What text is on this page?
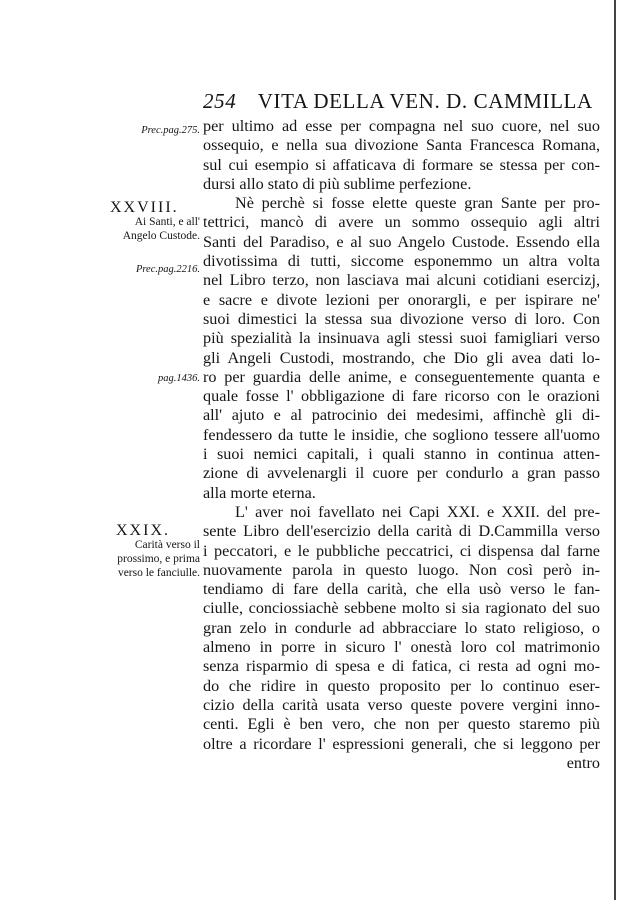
254 VITA DELLA VEN. D. CAMMILLA
Prec.pag.275.
XXVIII.
Ai Santi, e all'
Angelo Custode.
Prec.pag.2216.
pag.1436.
XXIX.
Carità verso il
prossimo, e prima
verso le fanciulle.
per ultimo ad esse per compagna nel suo cuore, nel suo
ossequio, e nella sua divozione Santa Francesca Romana,
sul cui esempio si affaticava di formare se stessa per con-
dursi allo stato di più sublime perfezione.
Nè perchè si fosse elette queste gran Sante per pro-
tettrici, mancò di avere un sommo ossequio agli altri
Santi del Paradiso, e al suo Angelo Custode. Essendo ella
divotissima di tutti, siccome esponemmo un altra volta
nel Libro terzo, non lasciava mai alcuni cotidiani esercizj,
e sacre e divote lezioni per onorargli, e per ispirare ne'
suoi dimestici la stessa sua divozione verso di loro. Con
più spezialità la insinuava agli stessi suoi famigliari verso
gli Angeli Custodi, mostrando, che Dio gli avea dati lo-
ro per guardia delle anime, e conseguentemente quanta e
quale fosse l' obbligazione di fare ricorso con le orazioni
all' ajuto e al patrocinio dei medesimi, affinchè gli di-
fendessero da tutte le insidie, che sogliono tessere all'uomo
i suoi nemici capitali, i quali stanno in continua atten-
zione di avvelenargli il cuore per condurlo a gran passo
alla morte eterna.
L' aver noi favellato nei Capi XXI. e XXII. del pre-
sente Libro dell'esercizio della carità di D.Cammilla verso
i peccatori, e le pubbliche peccatrici, ci dispensa dal farne
nuovamente parola in questo luogo. Non così però in-
tendiamo di fare della carità, che ella usò verso le fan-
ciulle, conciossiachè sebbene molto si sia ragionato del suo
gran zelo in condurle ad abbracciare lo stato religioso, o
almeno in porre in sicuro l' onestà loro col matrimonio
senza risparmio di spesa e di fatica, ci resta ad ogni mo-
do che ridire in questo proposito per lo continuo eser-
cizio della carità usata verso queste povere vergini inno-
centi. Egli è ben vero, che non per questo staremo più
oltre a ricordare l' espressioni generali, che si leggono per
entro
